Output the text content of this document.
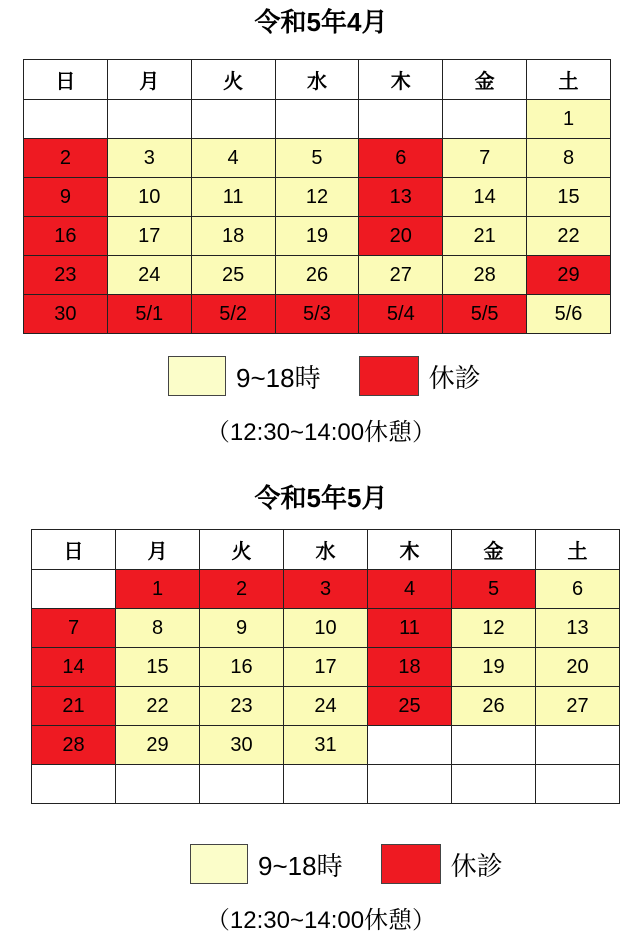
令和5年4月
日	月	火	水	木	金	土
						1
2	3	4	5	6	7	8
9	10	11	12	13	14	15
16	17	18	19	20	21	22
23	24	25	26	27	28	29
30	5/1	5/2	5/3	5/4	5/5	5/6
9~18時	休診
（12:30~14:00休憩）
令和5年5月
日	月	火	水	木	金	土
	1	2	3	4	5	6
7	8	9	10	11	12	13
14	15	16	17	18	19	20
21	22	23	24	25	26	27
28	29	30	31			

9~18時	休診
（12:30~14:00休憩）
